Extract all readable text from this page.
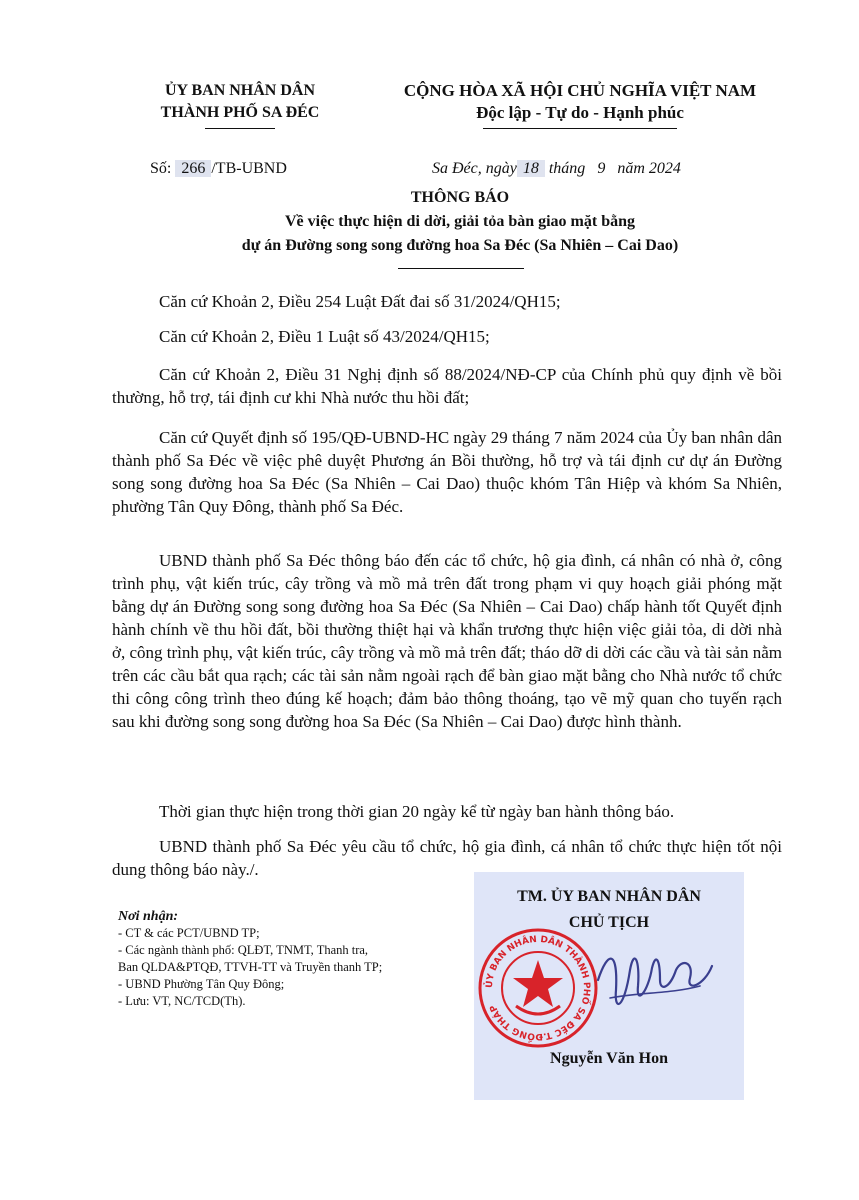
ỦY BAN NHÂN DÂN
THÀNH PHỐ SA ĐÉC
CỘNG HÒA XÃ HỘI CHỦ NGHĨA VIỆT NAM
Độc lập - Tự do - Hạnh phúc
Số: 266 /TB-UBND	Sa Đéc, ngày 18 tháng 9 năm 2024
THÔNG BÁO
Về việc thực hiện di dời, giải tỏa bàn giao mặt bằng
dự án Đường song song đường hoa Sa Đéc (Sa Nhiên – Cai Dao)

Căn cứ Khoản 2, Điều 254 Luật Đất đai số 31/2024/QH15;

Căn cứ Khoản 2, Điều 1 Luật số 43/2024/QH15;

Căn cứ Khoản 2, Điều 31 Nghị định số 88/2024/NĐ-CP của Chính phủ quy định về bồi thường, hỗ trợ, tái định cư khi Nhà nước thu hồi đất;

Căn cứ Quyết định số 195/QĐ-UBND-HC ngày 29 tháng 7 năm 2024 của Ủy ban nhân dân thành phố Sa Đéc về việc phê duyệt Phương án Bồi thường, hỗ trợ và tái định cư dự án Đường song song đường hoa Sa Đéc (Sa Nhiên – Cai Dao) thuộc khóm Tân Hiệp và khóm Sa Nhiên, phường Tân Quy Đông, thành phố Sa Đéc.

UBND thành phố Sa Đéc thông báo đến các tổ chức, hộ gia đình, cá nhân có nhà ở, công trình phụ, vật kiến trúc, cây trồng và mồ mả trên đất trong phạm vi quy hoạch giải phóng mặt bằng dự án Đường song song đường hoa Sa Đéc (Sa Nhiên – Cai Dao) chấp hành tốt Quyết định hành chính về thu hồi đất, bồi thường thiệt hại và khẩn trương thực hiện việc giải tỏa, di dời nhà ở, công trình phụ, vật kiến trúc, cây trồng và mồ mả trên đất; tháo dỡ di dời các cầu và tài sản nằm trên các cầu bắt qua rạch; các tài sản nằm ngoài rạch để bàn giao mặt bằng cho Nhà nước tổ chức thi công công trình theo đúng kế hoạch; đảm bảo thông thoáng, tạo vẽ mỹ quan cho tuyến rạch sau khi đường song song đường hoa Sa Đéc (Sa Nhiên – Cai Dao) được hình thành.

Thời gian thực hiện trong thời gian 20 ngày kể từ ngày ban hành thông báo.

UBND thành phố Sa Đéc yêu cầu tổ chức, hộ gia đình, cá nhân tổ chức thực hiện tốt nội dung thông báo này./.

Nơi nhận:
- CT & các PCT/UBND TP;
- Các ngành thành phố: QLĐT, TNMT, Thanh tra,
Ban QLDA&PTQĐ, TTVH-TT và Truyền thanh TP;
- UBND Phường Tân Quy Đông;
- Lưu: VT, NC/TCD(Th).
TM. ỦY BAN NHÂN DÂN
CHỦ TỊCH
ỦY BAN NHÂN DÂN THÀNH PHỐ SA ĐÉC T.ĐỒNG THÁP
Nguyễn Văn Hon
